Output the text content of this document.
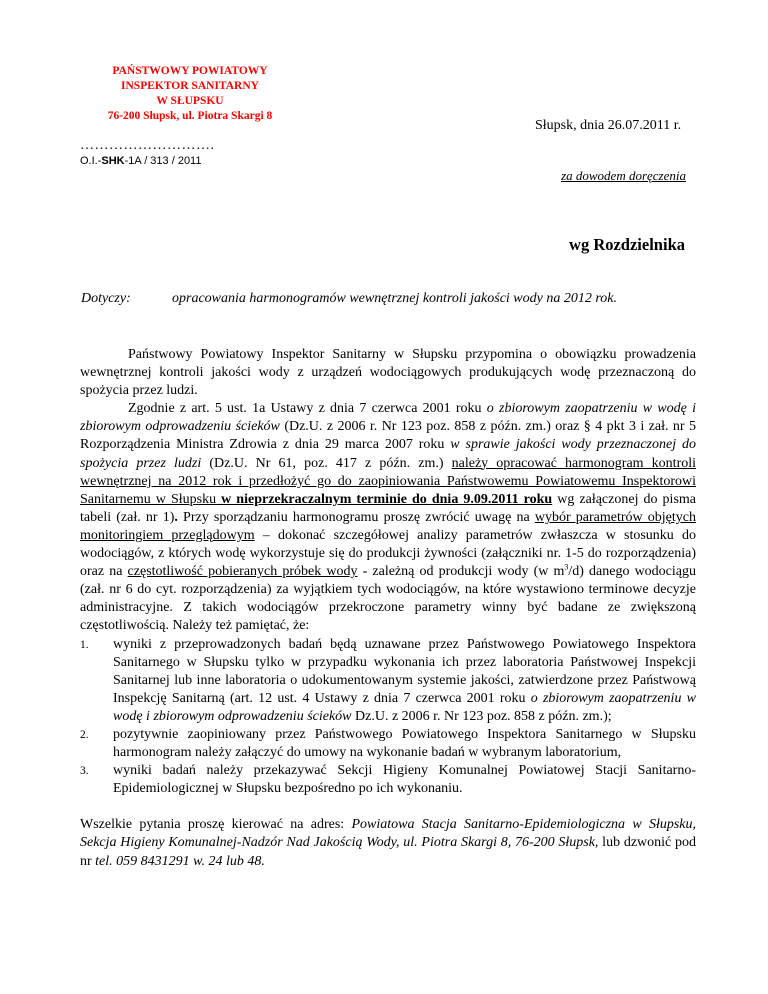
PAŃSTWOWY POWIATOWY
INSPEKTOR SANITARNY
W SŁUPSKU
76-200 Słupsk, ul. Piotra Skargi 8
Słupsk, dnia 26.07.2011 r.
……………………….
O.I.-SHK-1A / 313 / 2011
za dowodem doręczenia
wg Rozdzielnika
Dotyczy:	opracowania harmonogramów wewnętrznej kontroli jakości wody na 2012 rok.

Państwowy Powiatowy Inspektor Sanitarny w Słupsku przypomina o obowiązku prowadzenia wewnętrznej kontroli jakości wody z urządzeń wodociągowych produkujących wodę przeznaczoną do spożycia przez ludzi.

Zgodnie z art. 5 ust. 1a Ustawy z dnia 7 czerwca 2001 roku o zbiorowym zaopatrzeniu w wodę i zbiorowym odprowadzeniu ścieków (Dz.U. z 2006 r. Nr 123 poz. 858 z późn. zm.) oraz § 4 pkt 3 i zał. nr 5 Rozporządzenia Ministra Zdrowia z dnia 29 marca 2007 roku w sprawie jakości wody przeznaczonej do spożycia przez ludzi (Dz.U. Nr 61, poz. 417 z późn. zm.) należy opracować harmonogram kontroli wewnętrznej na 2012 rok i przedłożyć go do zaopiniowania Państwowemu Powiatowemu Inspektorowi Sanitarnemu w Słupsku w nieprzekraczalnym terminie do dnia 9.09.2011 roku wg załączonej do pisma tabeli (zał. nr 1). Przy sporządzaniu harmonogramu proszę zwrócić uwagę na wybór parametrów objętych monitoringiem przeglądowym – dokonać szczegółowej analizy parametrów zwłaszcza w stosunku do wodociągów, z których wodę wykorzystuje się do produkcji żywności (załączniki nr. 1-5 do rozporządzenia) oraz na częstotliwość pobieranych próbek wody - zależną od produkcji wody (w $m^3/d$) danego wodociągu (zał. nr 6 do cyt. rozporządzenia) za wyjątkiem tych wodociągów, na które wystawiono terminowe decyzje administracyjne. Z takich wodociągów przekroczone parametry winny być badane ze zwiększoną częstotliwością. Należy też pamiętać, że:

1.	wyniki z przeprowadzonych badań będą uznawane przez Państwowego Powiatowego Inspektora Sanitarnego w Słupsku tylko w przypadku wykonania ich przez laboratoria Państwowej Inspekcji Sanitarnej lub inne laboratoria o udokumentowanym systemie jakości, zatwierdzone przez Państwową Inspekcję Sanitarną (art. 12 ust. 4 Ustawy z dnia 7 czerwca 2001 roku o zbiorowym zaopatrzeniu w wodę i zbiorowym odprowadzeniu ścieków Dz.U. z 2006 r. Nr 123 poz. 858 z późn. zm.);
2.	pozytywnie zaopiniowany przez Państwowego Powiatowego Inspektora Sanitarnego w Słupsku harmonogram należy załączyć do umowy na wykonanie badań w wybranym laboratorium,
3.	wyniki badań należy przekazywać Sekcji Higieny Komunalnej Powiatowej Stacji Sanitarno-Epidemiologicznej w Słupsku bezpośredno po ich wykonaniu.

Wszelkie pytania proszę kierować na adres: Powiatowa Stacja Sanitarno-Epidemiologiczna w Słupsku, Sekcja Higieny Komunalnej-Nadzór Nad Jakością Wody, ul. Piotra Skargi 8, 76-200 Słupsk, lub dzwonić pod nr tel. 059 8431291 w. 24 lub 48.
